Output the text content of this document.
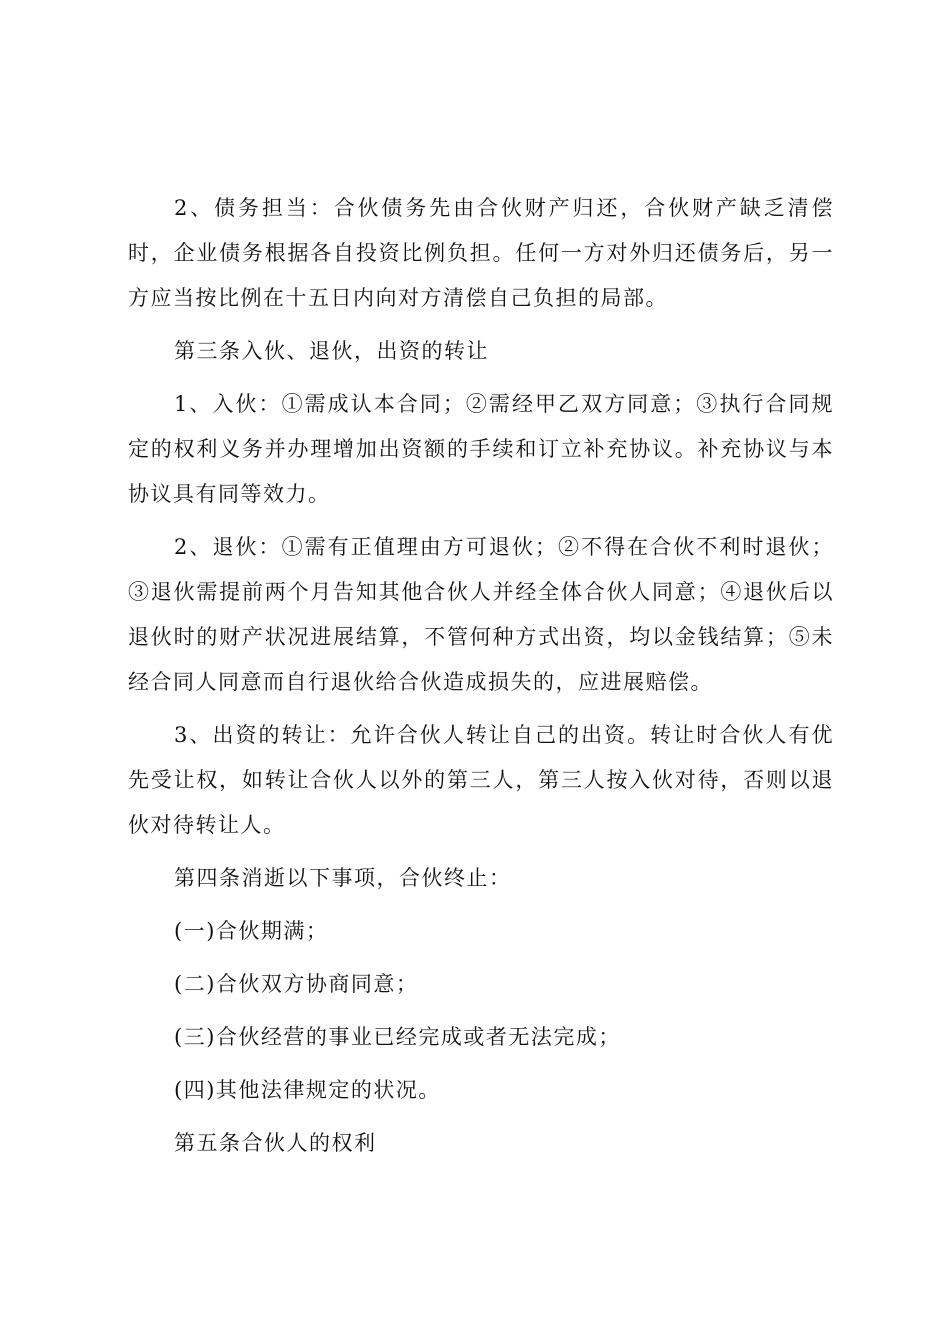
2、债务担当：合伙债务先由合伙财产归还，合伙财产缺乏清偿时，企业债务根据各自投资比例负担。任何一方对外归还债务后，另一方应当按比例在十五日内向对方清偿自己负担的局部。

第三条入伙、退伙，出资的转让

1、入伙：①需成认本合同；②需经甲乙双方同意；③执行合同规定的权利义务并办理增加出资额的手续和订立补充协议。补充协议与本协议具有同等效力。

2、退伙：①需有正值理由方可退伙；②不得在合伙不利时退伙；③退伙需提前两个月告知其他合伙人并经全体合伙人同意；④退伙后以退伙时的财产状况进展结算，不管何种方式出资，均以金钱结算；⑤未经合同人同意而自行退伙给合伙造成损失的，应进展赔偿。

3、出资的转让：允许合伙人转让自己的出资。转让时合伙人有优先受让权，如转让合伙人以外的第三人，第三人按入伙对待，否则以退伙对待转让人。

第四条消逝以下事项，合伙终止：

(一)合伙期满；

(二)合伙双方协商同意；

(三)合伙经营的事业已经完成或者无法完成；

(四)其他法律规定的状况。

第五条合伙人的权利
